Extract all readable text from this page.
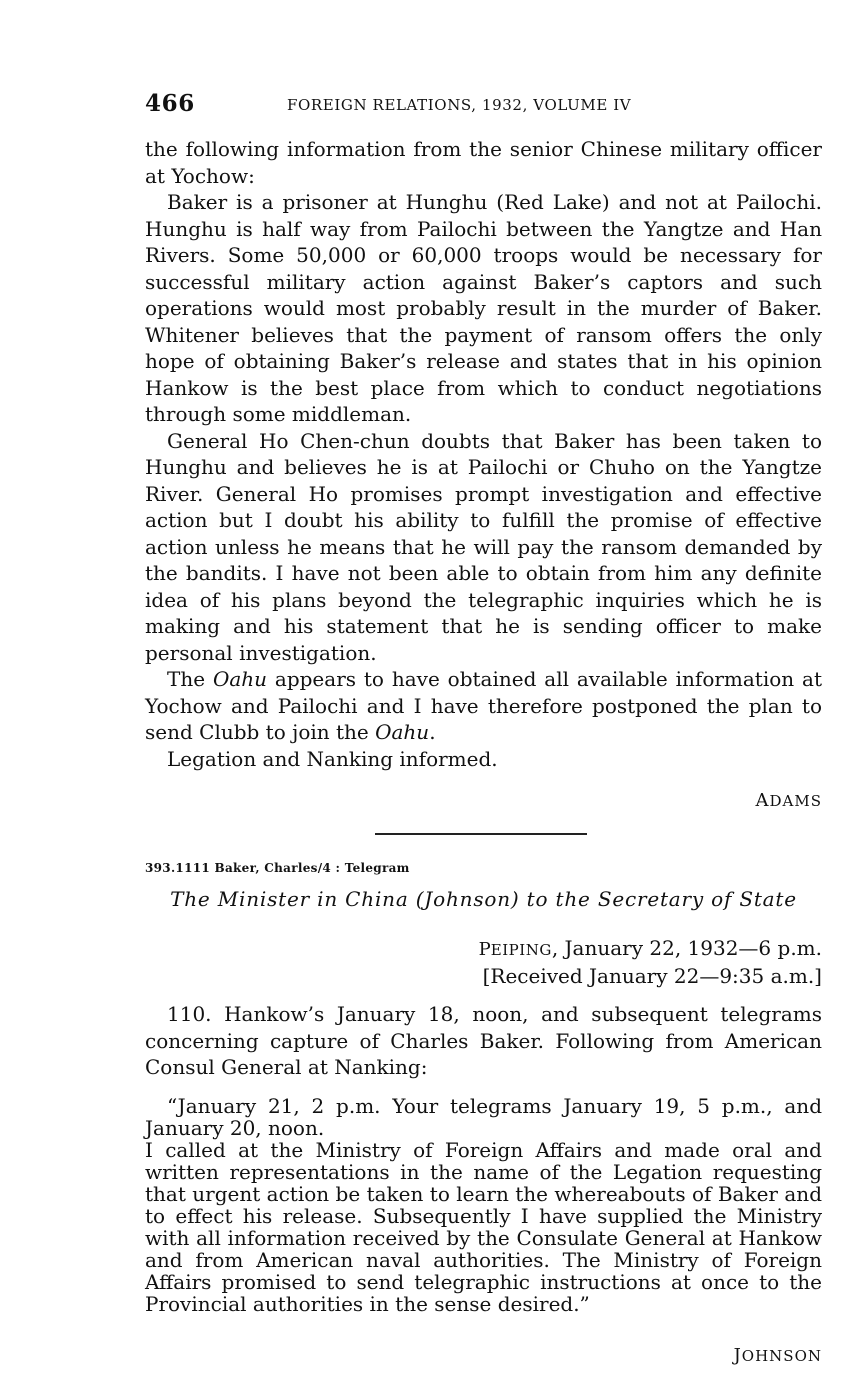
466	FOREIGN RELATIONS, 1932, VOLUME IV

the following information from the senior Chinese military officer at Yochow:

Baker is a prisoner at Hunghu (Red Lake) and not at Pailochi. Hunghu is half way from Pailochi between the Yangtze and Han Rivers. Some 50,000 or 60,000 troops would be necessary for successful military action against Baker’s captors and such operations would most probably result in the murder of Baker. Whitener believes that the payment of ransom offers the only hope of obtaining Baker’s release and states that in his opinion Hankow is the best place from which to conduct negotiations through some middleman.

General Ho Chen-chun doubts that Baker has been taken to Hunghu and believes he is at Pailochi or Chuho on the Yangtze River. General Ho promises prompt investigation and effective action but I doubt his ability to fulfill the promise of effective action unless he means that he will pay the ransom demanded by the bandits. I have not been able to obtain from him any definite idea of his plans beyond the telegraphic inquiries which he is making and his statement that he is sending officer to make personal investigation.

The Oahu appears to have obtained all available information at Yochow and Pailochi and I have therefore postponed the plan to send Clubb to join the Oahu.

Legation and Nanking informed.

ADAMS
393.1111 Baker, Charles/4 : Telegram
The Minister in China (Johnson) to the Secretary of State
PEIPING, January 22, 1932—6 p.m.
[Received January 22—9:35 a.m.]

110. Hankow’s January 18, noon, and subsequent telegrams concerning capture of Charles Baker. Following from American Consul General at Nanking:

“January 21, 2 p.m. Your telegrams January 19, 5 p.m., and January 20, noon.

I called at the Ministry of Foreign Affairs and made oral and written representations in the name of the Legation requesting that urgent action be taken to learn the whereabouts of Baker and to effect his release. Subsequently I have supplied the Ministry with all information received by the Consulate General at Hankow and from American naval authorities. The Ministry of Foreign Affairs promised to send telegraphic instructions at once to the Provincial authorities in the sense desired.”

JOHNSON
